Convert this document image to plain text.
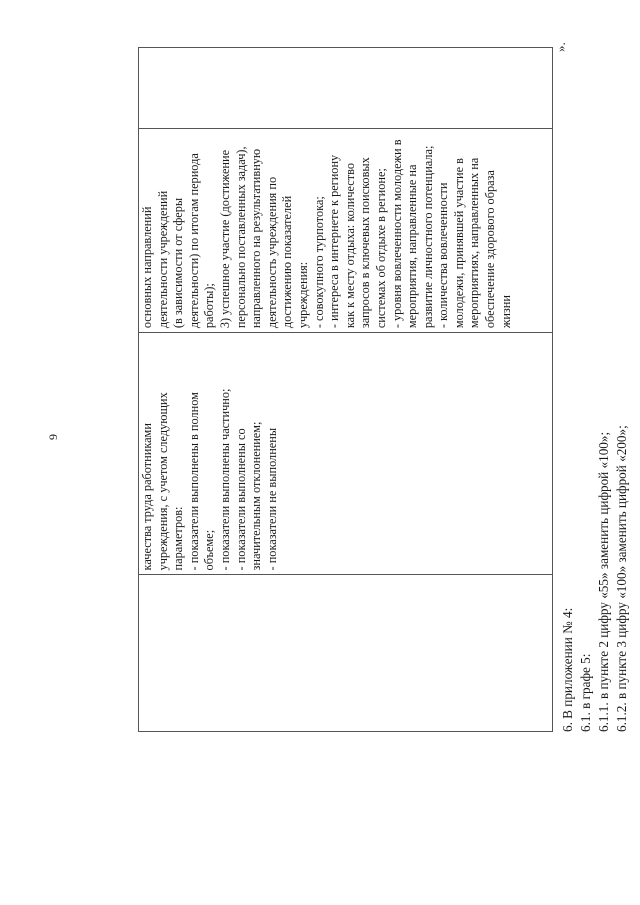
9	качества труда работниками учреждения, с учетом следующих параметров: - показатели выполнены в полном объеме; - показатели выполнены частично; - показатели выполнены со значительным отклонением; - показатели не выполнены
основных направлений деятельности учреждений (в зависимости от сферы деятельности) по итогам периода работы); 3) успешное участие (достижение персонально поставленных задач), направленного на результативную деятельность учреждения по достижению показателей учреждения: - совокупного турпотока; - интереса в интернете к региону как к месту отдыха: количество запросов в ключевых поисковых системах об отдыхе в регионе; - уровня вовлеченности молодежи в мероприятия, направленные на развитие личностного потенциала; - количества вовлеченности молодежи, принявшей участие в мероприятиях, направленных на обеспечение здорового образа жизни
».
6. В приложении № 4: 6.1. в графе 5: 6.1.1. в пункте 2 цифру «55» заменить цифрой «100»; 6.1.2. в пункте 3 цифру «100» заменить цифрой «200»;
